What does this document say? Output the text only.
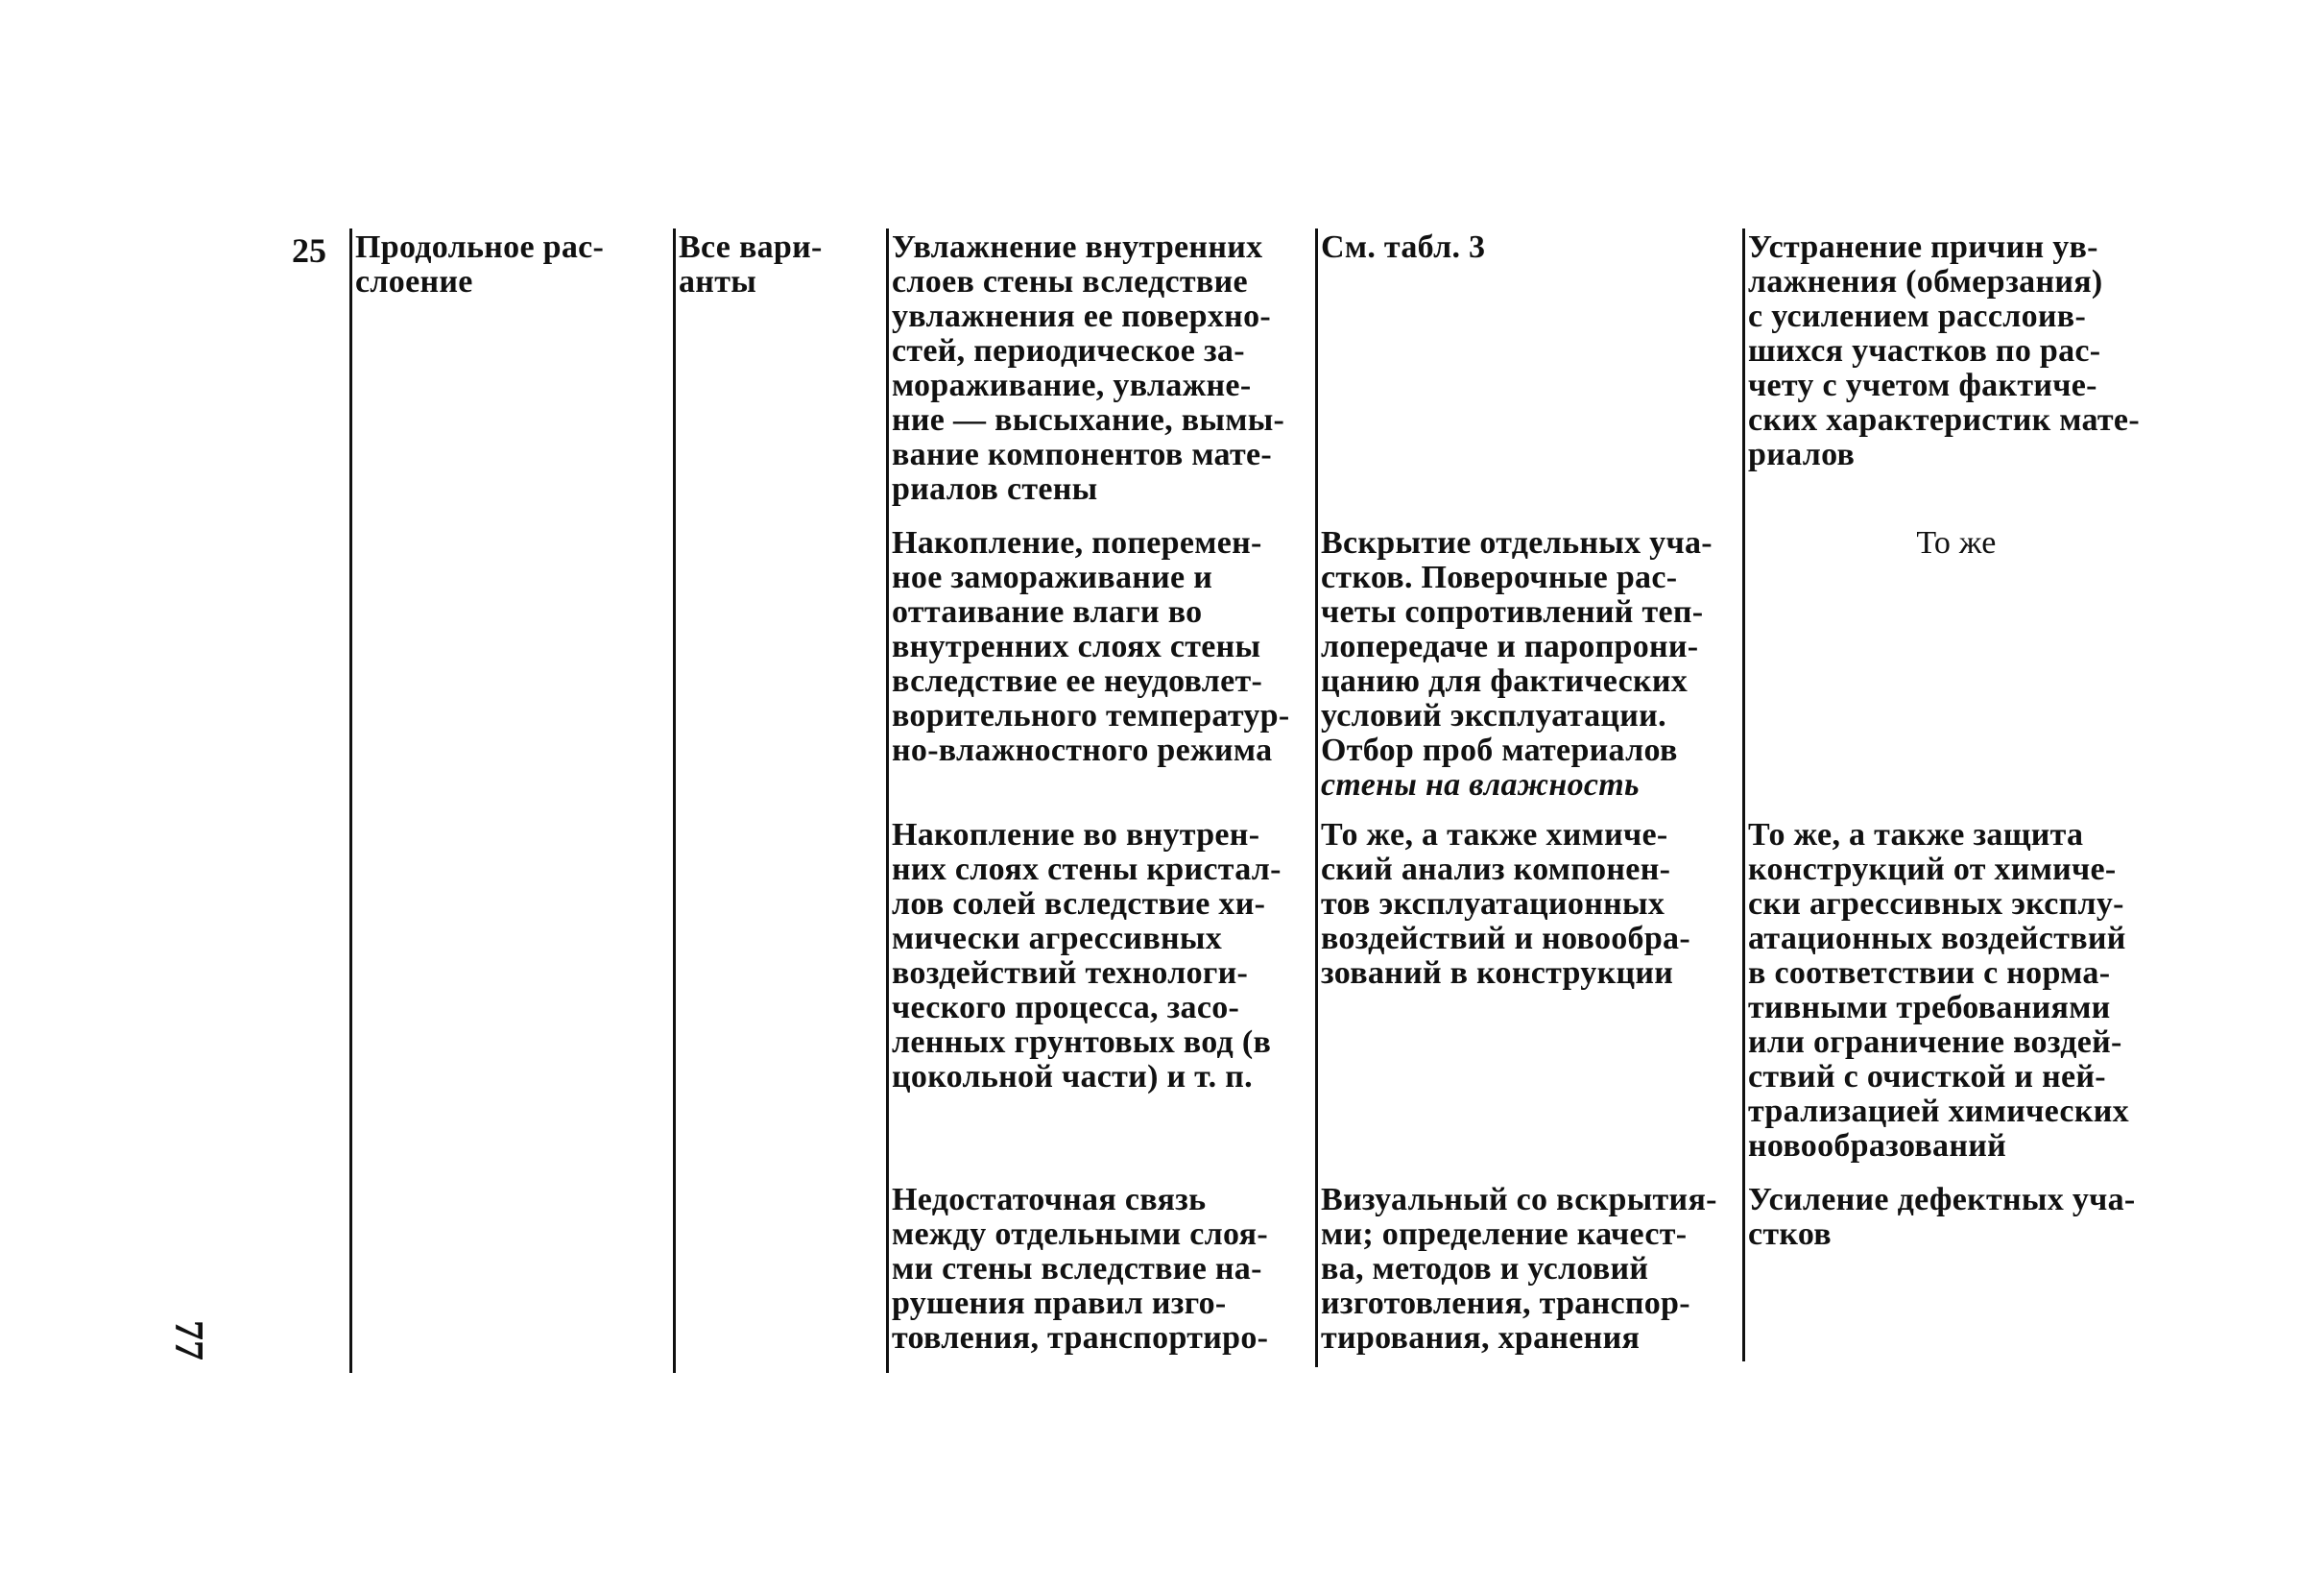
25 Продольное рас-
слоение
Все вари-
анты
Увлажнение внутренних
слоев стены вследствие
увлажнения ее поверхно-
стей, периодическое за-
мораживание, увлажне-
ние — высыхание, вымы-
вание компонентов мате-
риалов стены
См. табл. 3	Устранение причин ув-
лажнения (обмерзания)
с усилением расслоив-
шихся участков по рас-
чету с учетом фактиче-
ских характеристик мате-
риалов
Накопление, поперемен-
ное замораживание и
оттаивание влаги во
внутренних слоях стены
вследствие ее неудовлет-
ворительного температур-
но-влажностного режима
Вскрытие отдельных уча-
стков. Поверочные рас-
четы сопротивлений теп-
лопередаче и паропрони-
цанию для фактических
условий эксплуатации.
Отбор проб материалов
стены на влажность
То же
Накопление во внутрен-
них слоях стены кристал-
лов солей вследствие хи-
мически агрессивных
воздействий технологи-
ческого процесса, засо-
ленных грунтовых вод (в
цокольной части) и т. п.
То же, а также химиче-
ский анализ компонен-
тов эксплуатационных
воздействий и новообра-
зований в конструкции
То же, а также защита
конструкций от химиче-
ски агрессивных эксплу-
атационных воздействий
в соответствии с норма-
тивными требованиями
или ограничение воздей-
ствий с очисткой и ней-
трализацией химических
новообразований
Недостаточная связь
между отдельными слоя-
ми стены вследствие на-
рушения правил изго-
товления, транспортиро-
Визуальный со вскрытия-
ми; определение качест-
ва, методов и условий
изготовления, транспор-
тирования, хранения
Усиление дефектных уча-
стков
77
